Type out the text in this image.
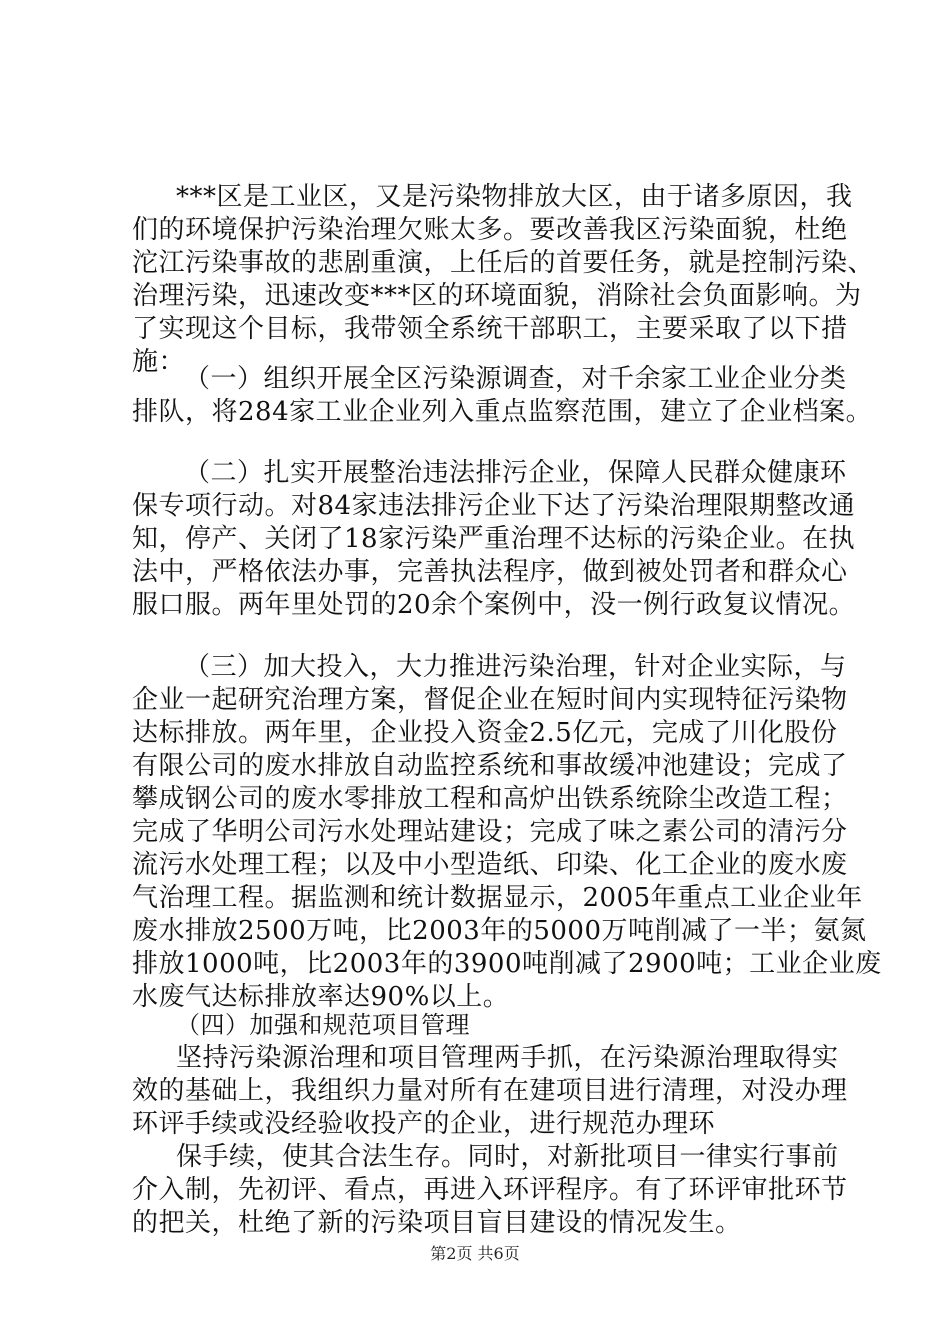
***区是工业区，又是污染物排放大区，由于诸多原因，我
们的环境保护污染治理欠账太多。要改善我区污染面貌，杜绝
沱江污染事故的悲剧重演，上任后的首要任务，就是控制污染、
治理污染，迅速改变***区的环境面貌，消除社会负面影响。为
了实现这个目标，我带领全系统干部职工，主要采取了以下措
施：
（一）组织开展全区污染源调查，对千余家工业企业分类
排队，将284家工业企业列入重点监察范围，建立了企业档案。
（二）扎实开展整治违法排污企业，保障人民群众健康环
保专项行动。对84家违法排污企业下达了污染治理限期整改通
知，停产、关闭了18家污染严重治理不达标的污染企业。在执
法中，严格依法办事，完善执法程序，做到被处罚者和群众心
服口服。两年里处罚的20余个案例中，没一例行政复议情况。
（三）加大投入，大力推进污染治理，针对企业实际，与
企业一起研究治理方案，督促企业在短时间内实现特征污染物
达标排放。两年里，企业投入资金2.5亿元，完成了川化股份
有限公司的废水排放自动监控系统和事故缓冲池建设；完成了
攀成钢公司的废水零排放工程和高炉出铁系统除尘改造工程；
完成了华明公司污水处理站建设；完成了味之素公司的清污分
流污水处理工程；以及中小型造纸、印染、化工企业的废水废
气治理工程。据监测和统计数据显示，2005年重点工业企业年
废水排放2500万吨，比2003年的5000万吨削减了一半；氨氮
排放1000吨，比2003年的3900吨削减了2900吨；工业企业废
水废气达标排放率达90%以上。
（四）加强和规范项目管理
坚持污染源治理和项目管理两手抓，在污染源治理取得实
效的基础上，我组织力量对所有在建项目进行清理，对没办理
环评手续或没经验收投产的企业，进行规范办理环
保手续，使其合法生存。同时，对新批项目一律实行事前
介入制，先初评、看点，再进入环评程序。有了环评审批环节
的把关，杜绝了新的污染项目盲目建设的情况发生。
第2页 共6页
